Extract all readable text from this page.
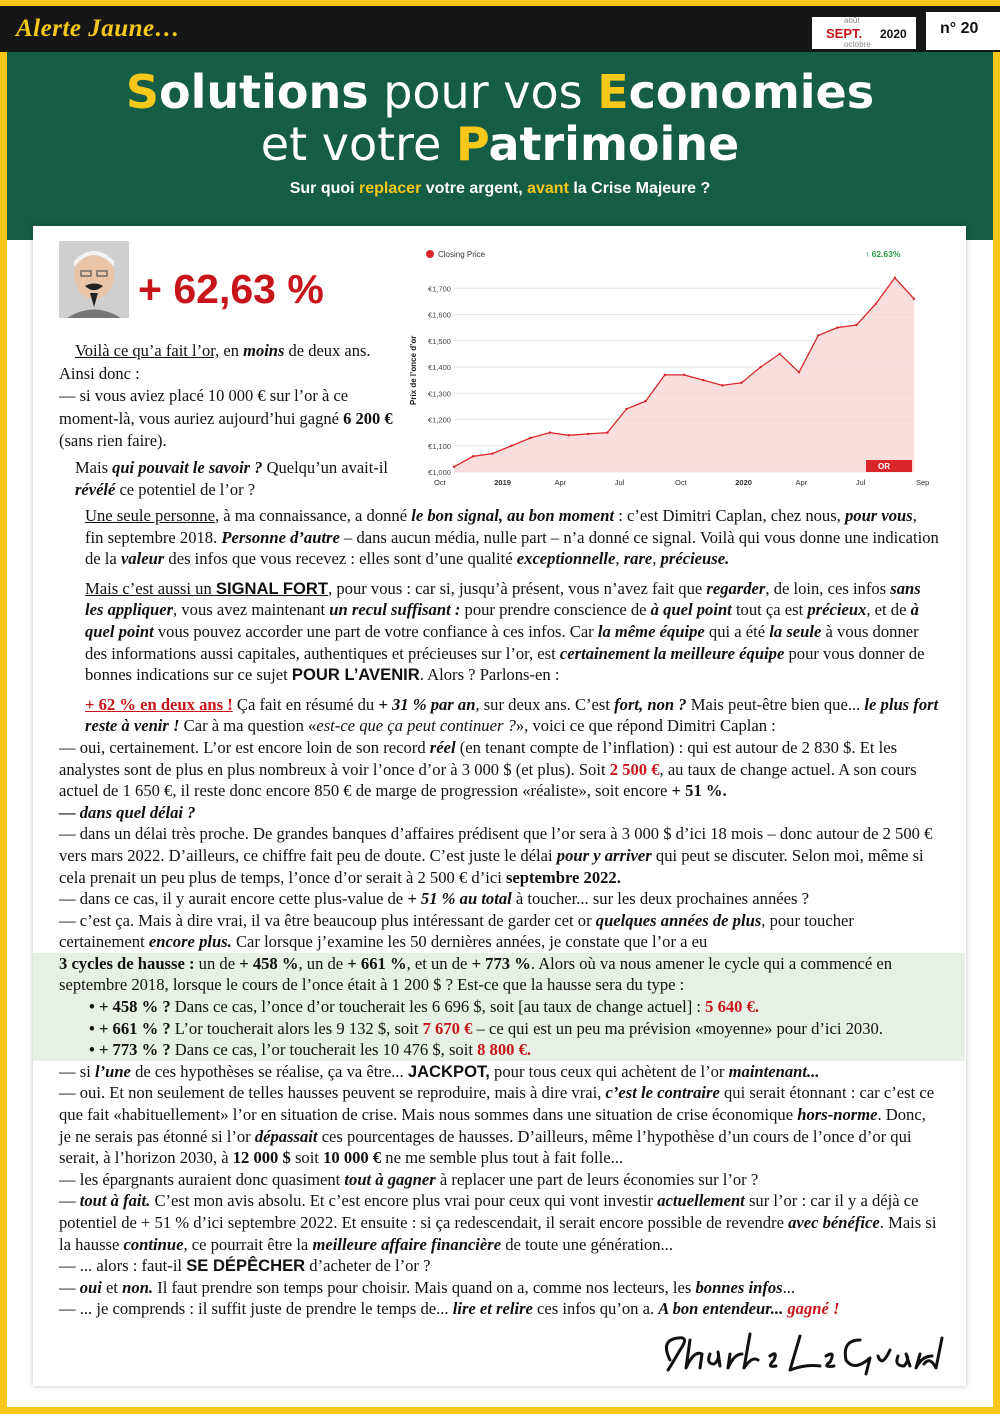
Alerte Jaune…	août
SEPT. 2020
octobre
n° 20
Solutions pour vos Economies
et votre Patrimoine
Sur quoi replacer votre argent, avant la Crise Majeure ?
+ 62,63 %
Voilà ce qu’a fait l’or, en moins de deux ans.
Ainsi donc :
— si vous aviez placé 10 000 € sur l’or à ce moment-là, vous auriez aujourd’hui gagné 6 200 € (sans rien faire).
Mais qui pouvait le savoir ? Quelqu’un avait-il révélé ce potentiel de l’or ?
€1,000
€1,100
€1,200
€1,300
€1,400
€1,500
€1,600
€1,700
Oct	2019	Apr	Jul	Oct	2020	Apr	Jul	Sep
Closing Price	↑ 62.63%
Prix de l’once d’or
OR

Une seule personne, à ma connaissance, a donné le bon signal, au bon moment : c’est Dimitri Caplan, chez nous, pour vous, fin septembre 2018. Personne d’autre – dans aucun média, nulle part – n’a donné ce signal. Voilà qui vous donne une indication de la valeur des infos que vous recevez : elles sont d’une qualité exceptionnelle, rare, précieuse.

Mais c’est aussi un SIGNAL FORT, pour vous : car si, jusqu’à présent, vous n’avez fait que regarder, de loin, ces infos sans les appliquer, vous avez maintenant un recul suffisant : pour prendre conscience de à quel point tout ça est précieux, et de à quel point vous pouvez accorder une part de votre confiance à ces infos. Car la même équipe qui a été la seule à vous donner des informations aussi capitales, authentiques et précieuses sur l’or, est certainement la meilleure équipe pour vous donner de bonnes indications sur ce sujet POUR L’AVENIR. Alors ? Parlons-en :

+ 62 % en deux ans ! Ça fait en résumé du + 31 % par an, sur deux ans. C’est fort, non ? Mais peut-être bien que... le plus fort reste à venir ! Car à ma question «est-ce que ça peut continuer ?», voici ce que répond Dimitri Caplan :

— oui, certainement. L’or est encore loin de son record réel (en tenant compte de l’inflation) : qui est autour de 2 830 $. Et les analystes sont de plus en plus nombreux à voir l’once d’or à 3 000 $ (et plus). Soit 2 500 €, au taux de change actuel. A son cours actuel de 1 650 €, il reste donc encore 850 € de marge de progression «réaliste», soit encore + 51 %.

— dans quel délai ?

— dans un délai très proche. De grandes banques d’affaires prédisent que l’or sera à 3 000 $ d’ici 18 mois – donc autour de 2 500 € vers mars 2022. D’ailleurs, ce chiffre fait peu de doute. C’est juste le délai pour y arriver qui peut se discuter. Selon moi, même si cela prenait un peu plus de temps, l’once d’or serait à 2 500 € d’ici septembre 2022.

— dans ce cas, il y aurait encore cette plus-value de + 51 % au total à toucher... sur les deux prochaines années ?

— c’est ça. Mais à dire vrai, il va être beaucoup plus intéressant de garder cet or quelques années de plus, pour toucher certainement encore plus. Car lorsque j’examine les 50 dernières années, je constate que l’or a eu

3 cycles de hausse : un de + 458 %, un de + 661 %, et un de + 773 %. Alors où va nous amener le cycle qui a commencé en septembre 2018, lorsque le cours de l’once était à 1 200 $ ? Est-ce que la hausse sera du type :

• + 458 % ? Dans ce cas, l’once d’or toucherait les 6 696 $, soit [au taux de change actuel] : 5 640 €.

• + 661 % ? L’or toucherait alors les 9 132 $, soit 7 670 € – ce qui est un peu ma prévision «moyenne» pour d’ici 2030.

• + 773 % ? Dans ce cas, l’or toucherait les 10 476 $, soit 8 800 €.

— si l’une de ces hypothèses se réalise, ça va être... JACKPOT, pour tous ceux qui achètent de l’or maintenant...

— oui. Et non seulement de telles hausses peuvent se reproduire, mais à dire vrai, c’est le contraire qui serait étonnant : car c’est ce que fait «habituellement» l’or en situation de crise. Mais nous sommes dans une situation de crise économique hors-norme. Donc, je ne serais pas étonné si l’or dépassait ces pourcentages de hausses. D’ailleurs, même l’hypothèse d’un cours de l’once d’or qui serait, à l’horizon 2030, à 12 000 $ soit 10 000 € ne me semble plus tout à fait folle...

— les épargnants auraient donc quasiment tout à gagner à replacer une part de leurs économies sur l’or ?

— tout à fait. C’est mon avis absolu. Et c’est encore plus vrai pour ceux qui vont investir actuellement sur l’or : car il y a déjà ce potentiel de + 51 % d’ici septembre 2022. Et ensuite : si ça redescendait, il serait encore possible de revendre avec bénéfice. Mais si la hausse continue, ce pourrait être la meilleure affaire financière de toute une génération...

— ... alors : faut-il SE DÉPÊCHER d’acheter de l’or ?

— oui et non. Il faut prendre son temps pour choisir. Mais quand on a, comme nos lecteurs, les bonnes infos...

— ... je comprends : il suffit juste de prendre le temps de... lire et relire ces infos qu’on a. A bon entendeur... gagné !
